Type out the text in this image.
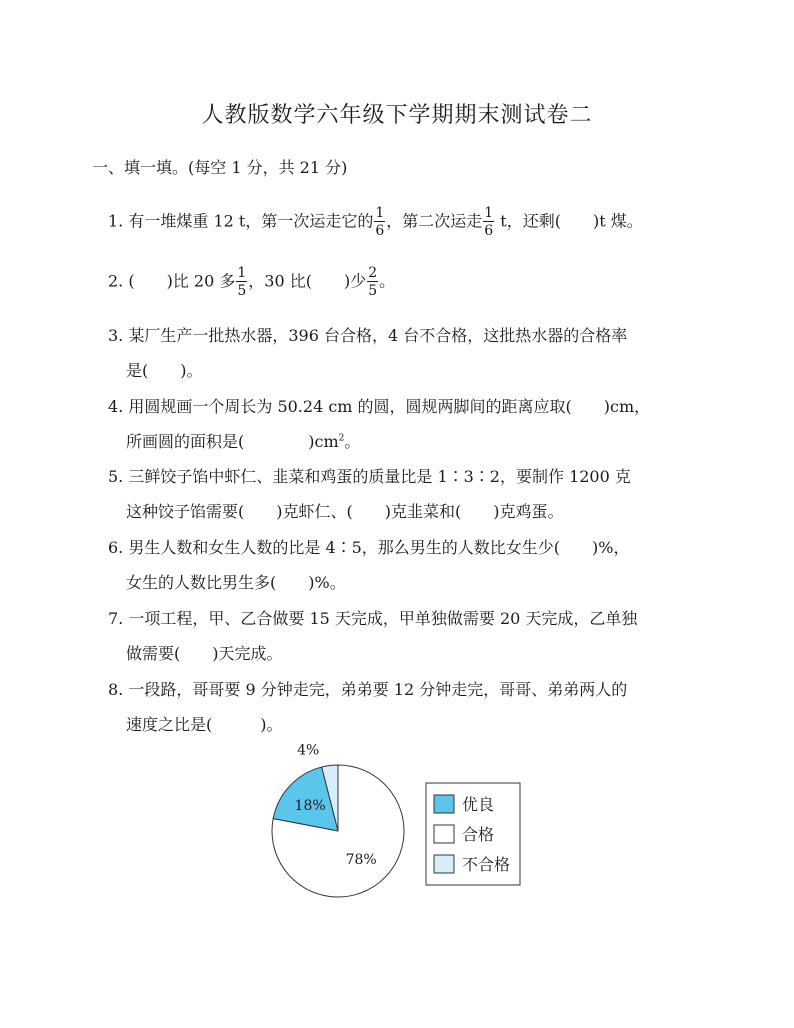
人教版数学六年级下学期期末测试卷二
一、填一填。(每空 1 分，共 21 分)
1. 有一堆煤重 12 t，第一次运走它的 $\frac{1}{6}$ ，第二次运走 $\frac{1}{6}$ t，还剩(　　)t 煤。
2. (　　)比 20 多 $\frac{1}{5}$ ，30 比(　　)少 $\frac{2}{5}$ 。
3. 某厂生产一批热水器，396 台合格，4 台不合格，这批热水器的合格率
是(　　)。
4. 用圆规画一个周长为 50.24 cm 的圆，圆规两脚间的距离应取(　　)cm，
所画圆的面积是(　　　　)$cm^2$。
5. 三鲜饺子馅中虾仁、韭菜和鸡蛋的质量比是 1∶3∶2，要制作 1200 克
这种饺子馅需要(　　)克虾仁、(　　)克韭菜和(　　)克鸡蛋。
6. 男生人数和女生人数的比是 4∶5，那么男生的人数比女生少(　　)%，
女生的人数比男生多(　　)%。
7. 一项工程，甲、乙合做要 15 天完成，甲单独做需要 20 天完成，乙单独
做需要(　　)天完成。
8. 一段路，哥哥要 9 分钟走完，弟弟要 12 分钟走完，哥哥、弟弟两人的
速度之比是(　　　)。
4%
18%
78%
优良
合格
不合格
